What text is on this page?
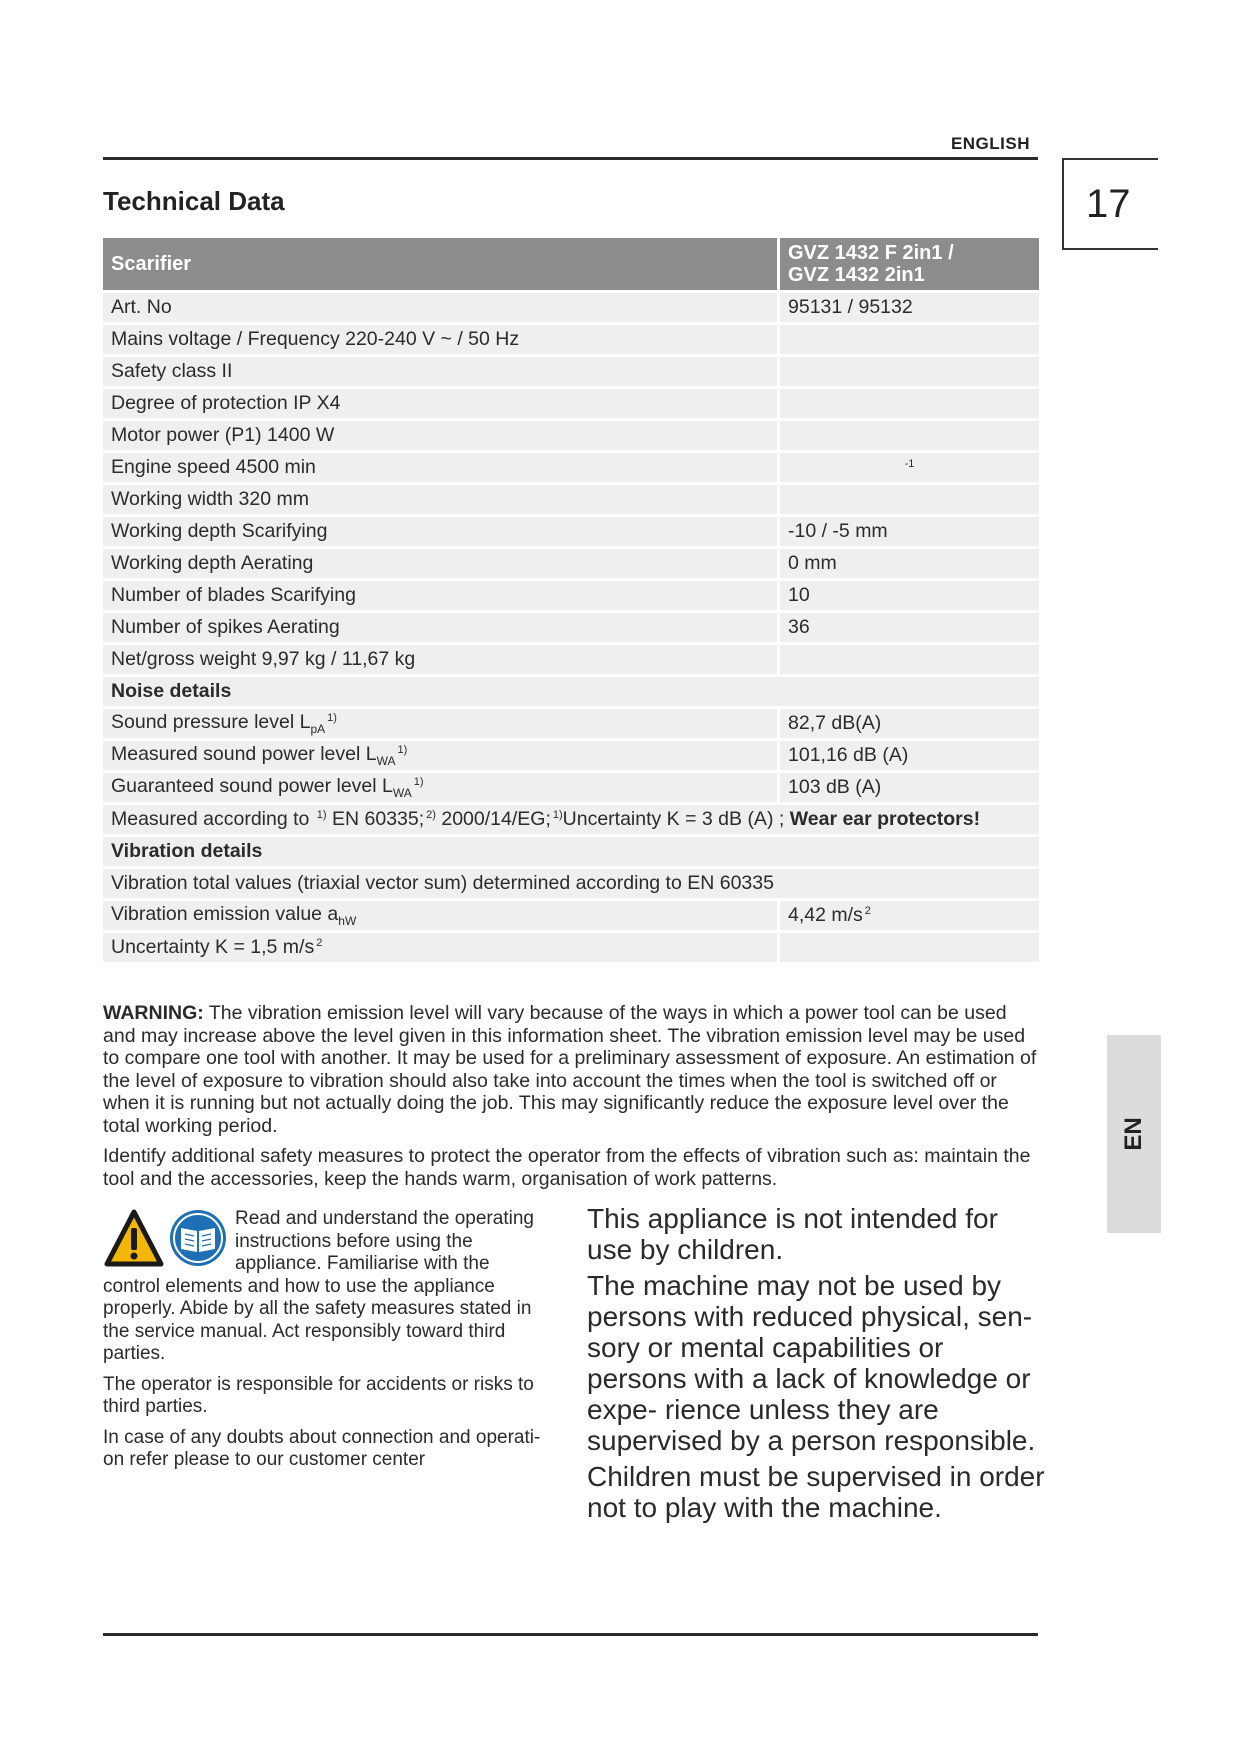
ENGLISH
17
EN
Technical Data
Scarifier	GVZ 1432 F 2in1 /
GVZ 1432 2in1

Art. No	95131 / 95132
Mains voltage / Frequency 220-240 V ~ / 50 Hz	
Safety class II	
Degree of protection IP X4	
Motor power (P1) 1400 W	
Engine speed 4500 min	-1

Working width 320 mm	
Working depth Scarifying	-10 / -5 mm
Working depth Aerating	0 mm
Number of blades Scarifying	10
Number of spikes Aerating	36
Net/gross weight 9,97 kg / 11,67 kg	
Noise details	
Sound pressure level $L_{pA}^{1)}$	82,7 dB(A)
Measured sound power level $L_{WA}^{1)}$	101,16 dB (A)
Guaranteed sound power level $L_{WA}^{1)}$	103 dB (A)
Measured according to $^{1)}$ EN 60335; $^{2)}$ 2000/14/EG; $^{1)}$Uncertainty K = 3 dB (A) ; Wear ear protectors!	
Vibration details	
Vibration total values (triaxial vector sum) determined according to EN 60335	
Vibration emission value $a_{hW}$	4,42 m/s $^2$
Uncertainty K = 1,5 m/s $^2$	
WARNING: The vibration emission level will vary because of the ways in which a power tool can be used and may increase above the level given in this information sheet. The vibration emission level may be used to compare one tool with another. It may be used for a preliminary assessment of exposure. An estimation of the level of exposure to vibration should also take into account the times when the tool is switched off or when it is running but not actually doing the job. This may significantly reduce the exposure level over the total working period.
Identify additional safety measures to protect the operator from the effects of vibration such as: maintain the tool and the accessories, keep the hands warm, organisation of work patterns.

Read and understand the operating instructions before using the appliance. Familiarise with the control elements and how to use the appliance properly. Abide by all the safety measures stated in the service manual. Act responsibly toward third parties.

The operator is responsible for accidents or risks to third parties.

In case of any doubts about connection and operati- on refer please to our customer center

This appliance is not intended for use by children.

The machine may not be used by persons with reduced physical, sen- sory or mental capabilities or persons with a lack of knowledge or expe- rience unless they are supervised by a person responsible.

Children must be supervised in order not to play with the machine.
